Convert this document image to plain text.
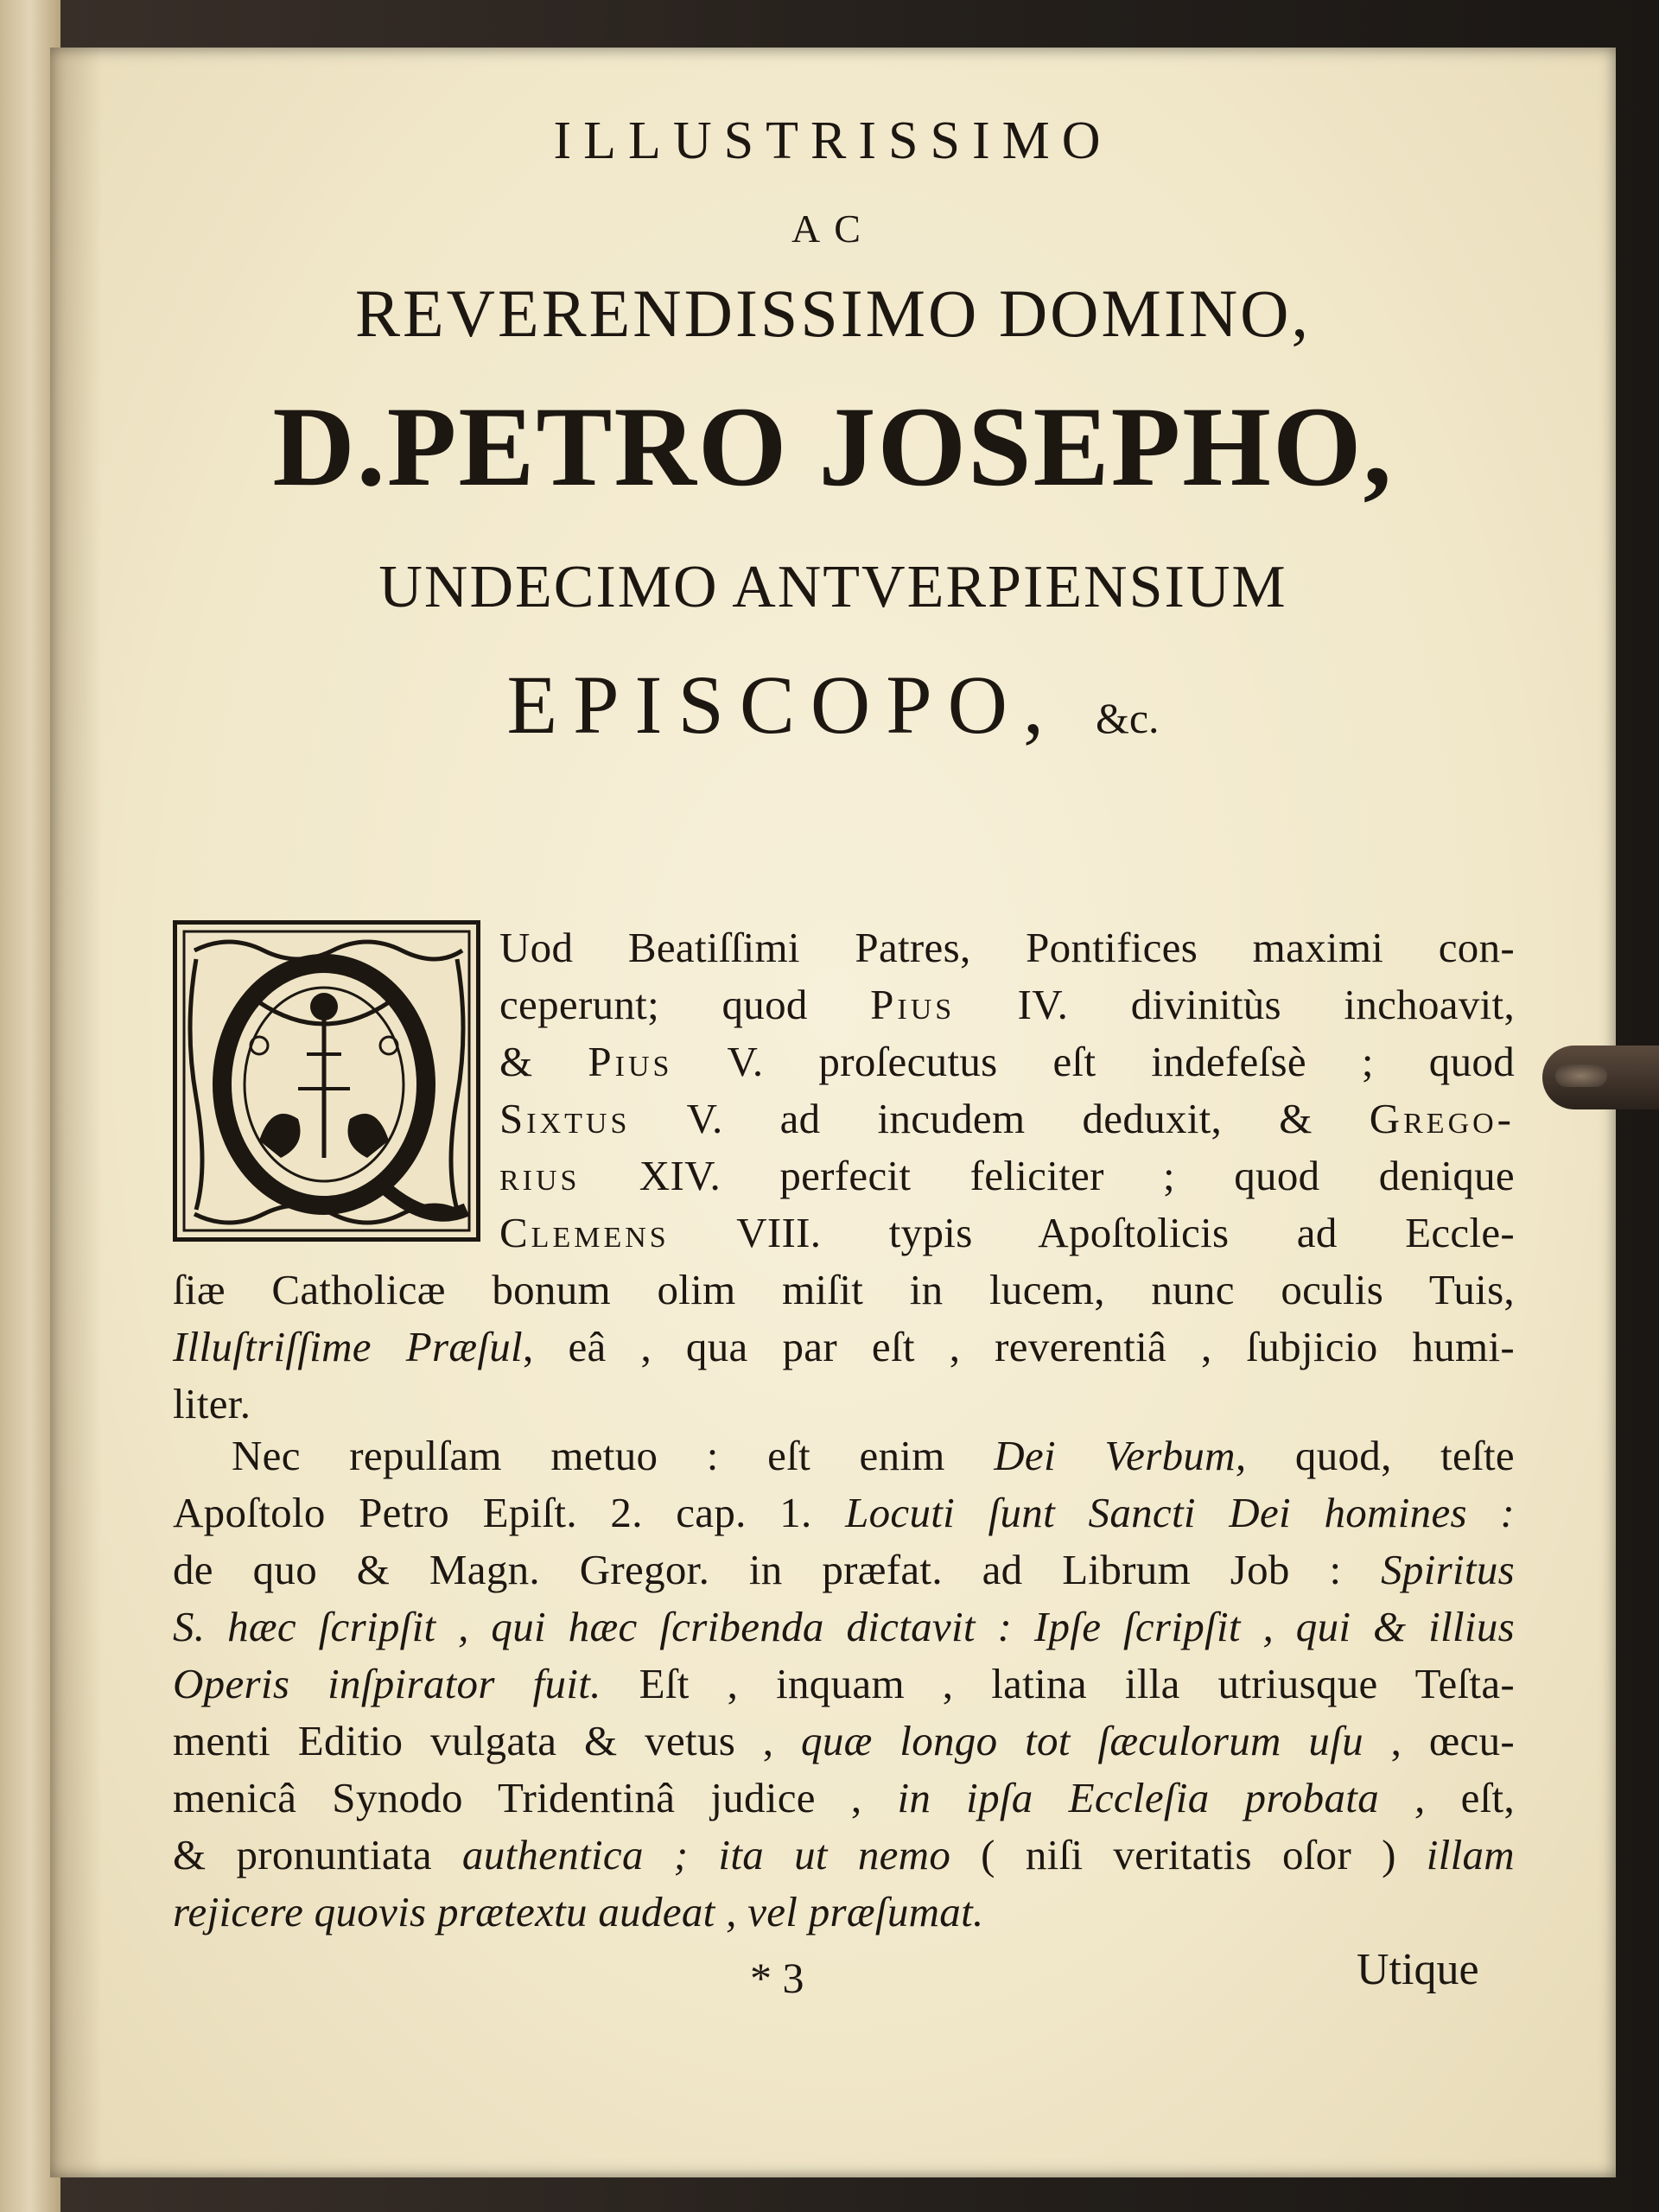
ILLUSTRISSIMO
AC
REVERENDISSIMO DOMINO,
D.PETRO JOSEPHO,
UNDECIMO ANTVERPIENSIUM
EPISCOPO, &c.
Uod Beatiſſimi Patres, Pontifices maximi con-
ceperunt; quod Pius IV. divinitùs inchoavit,
& Pius V. proſecutus eſt indefeſsè ; quod
Sixtus V. ad incudem deduxit, & Grego-
rius XIV. perfecit feliciter ; quod denique
Clemens VIII. typis Apoſtolicis ad Eccle-
ſiæ Catholicæ bonum olim miſit in lucem, nunc oculis Tuis,
Illuſtriſſime Præſul, eâ , qua par eſt , reverentiâ , ſubjicio humi-
liter.
Nec repulſam metuo : eſt enim Dei Verbum, quod, teſte
Apoſtolo Petro Epiſt. 2. cap. 1. Locuti ſunt Sancti Dei homines :
de quo & Magn. Gregor. in præfat. ad Librum Job : Spiritus
S. hæc ſcripſit , qui hæc ſcribenda dictavit : Ipſe ſcripſit , qui & illius
Operis inſpirator fuit. Eſt , inquam , latina illa utriusque Teſta-
menti Editio vulgata & vetus , quæ longo tot ſæculorum uſu , œcu-
menicâ Synodo Tridentinâ judice , in ipſa Eccleſia probata , eſt,
& pronuntiata authentica ; ita ut nemo ( niſi veritatis oſor ) illam
rejicere quovis prætextu audeat , vel præſumat.
* 3	Utique
